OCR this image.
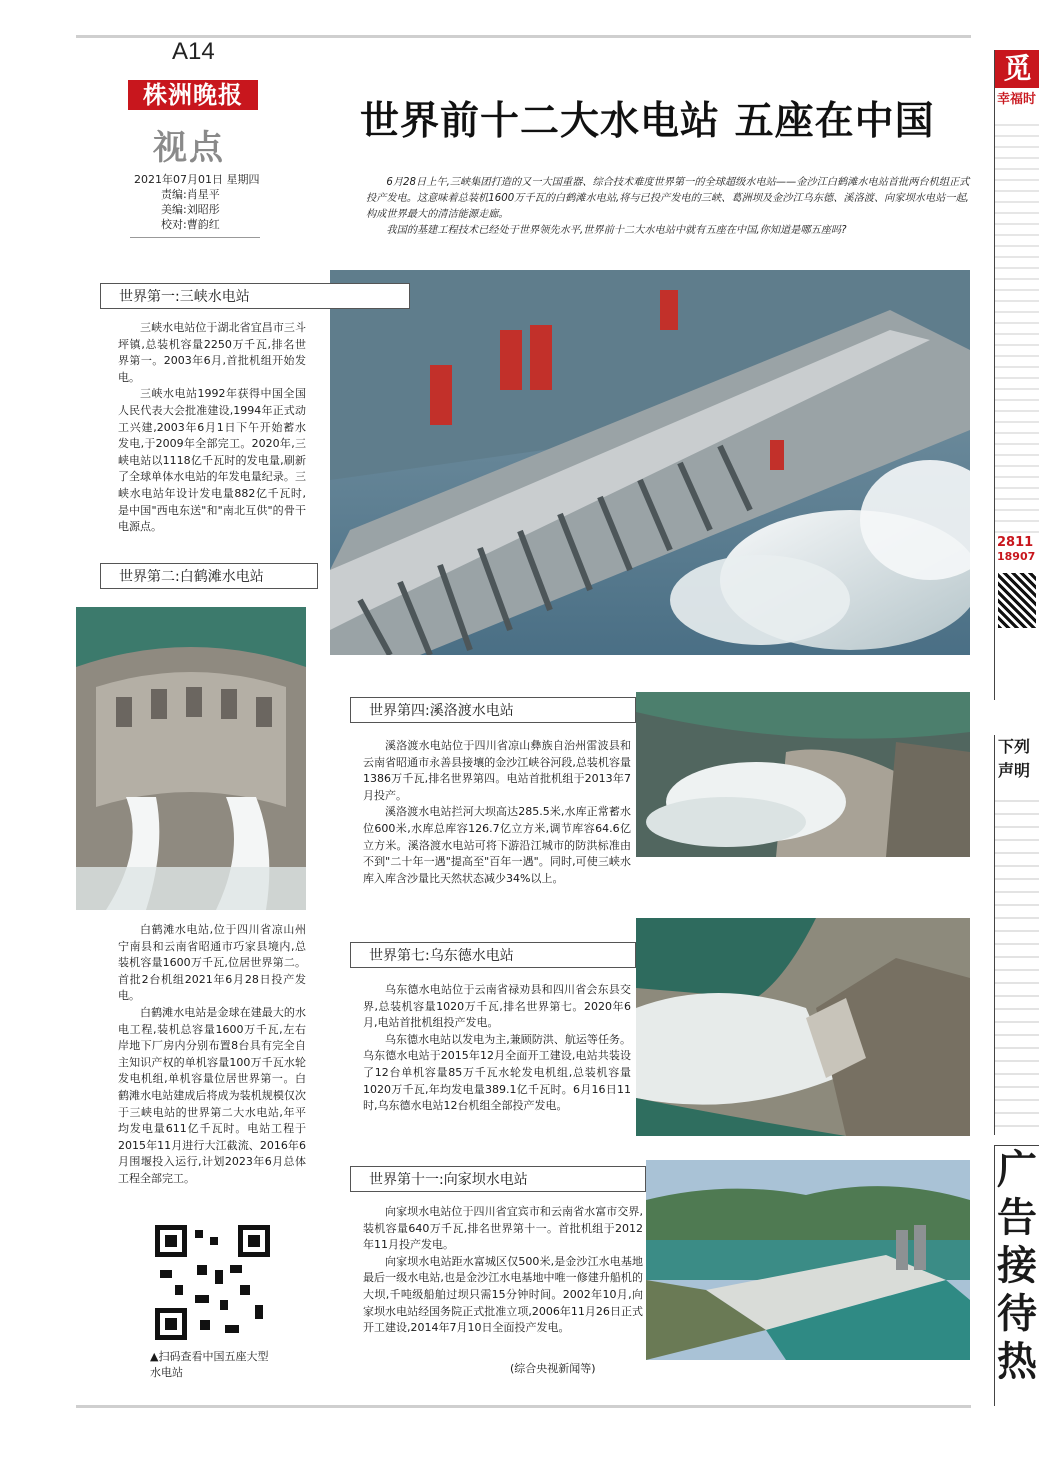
A14
株洲晚报
视点
2021年07月01日 星期四
责编:肖星平
美编:刘昭彤
校对:曹韵红
世界前十二大水电站 五座在中国

6月28日上午,三峡集团打造的又一大国重器、综合技术难度世界第一的全球超级水电站——金沙江白鹤滩水电站首批两台机组正式投产发电。这意味着总装机1600万千瓦的白鹤滩水电站,将与已投产发电的三峡、葛洲坝及金沙江乌东德、溪洛渡、向家坝水电站一起,构成世界最大的清洁能源走廊。

我国的基建工程技术已经处于世界领先水平,世界前十二大水电站中就有五座在中国,你知道是哪五座吗?

世界第一:三峡水电站

三峡水电站位于湖北省宜昌市三斗坪镇,总装机容量2250万千瓦,排名世界第一。2003年6月,首批机组开始发电。

三峡水电站1992年获得中国全国人民代表大会批准建设,1994年正式动工兴建,2003年6月1日下午开始蓄水发电,于2009年全部完工。2020年,三峡电站以1118亿千瓦时的发电量,刷新了全球单体水电站的年发电量纪录。三峡水电站年设计发电量882亿千瓦时,是中国"西电东送"和"南北互供"的骨干电源点。

世界第二:白鹤滩水电站

白鹤滩水电站,位于四川省凉山州宁南县和云南省昭通市巧家县境内,总装机容量1600万千瓦,位居世界第二。首批2台机组2021年6月28日投产发电。

白鹤滩水电站是金球在建最大的水电工程,装机总容量1600万千瓦,左右岸地下厂房内分别布置8台具有完全自主知识产权的单机容量100万千瓦水轮发电机组,单机容量位居世界第一。白鹤滩水电站建成后将成为装机规模仅次于三峡电站的世界第二大水电站,年平均发电量611亿千瓦时。电站工程于2015年11月进行大江截流、2016年6月围堰投入运行,计划2023年6月总体工程全部完工。

▲扫码查看中国五座大型水电站
世界第四:溪洛渡水电站

溪洛渡水电站位于四川省凉山彝族自治州雷波县和云南省昭通市永善县接壤的金沙江峡谷河段,总装机容量1386万千瓦,排名世界第四。电站首批机组于2013年7月投产。

溪洛渡水电站拦河大坝高达285.5米,水库正常蓄水位600米,水库总库容126.7亿立方米,调节库容64.6亿立方米。溪洛渡水电站可将下游沿江城市的防洪标准由不到"二十年一遇"提高至"百年一遇"。同时,可使三峡水库入库含沙量比天然状态减少34%以上。

世界第七:乌东德水电站

乌东德水电站位于云南省禄劝县和四川省会东县交界,总装机容量1020万千瓦,排名世界第七。2020年6月,电站首批机组投产发电。

乌东德水电站以发电为主,兼顾防洪、航运等任务。乌东德水电站于2015年12月全面开工建设,电站共装设了12台单机容量85万千瓦水轮发电机组,总装机容量1020万千瓦,年均发电量389.1亿千瓦时。6月16日11时,乌东德水电站12台机组全部投产发电。

世界第十一:向家坝水电站

向家坝水电站位于四川省宜宾市和云南省水富市交界,装机容量640万千瓦,排名世界第十一。首批机组于2012年11月投产发电。

向家坝水电站距水富城区仅500米,是金沙江水电基地最后一级水电站,也是金沙江水电基地中唯一修建升船机的大坝,千吨级船舶过坝只需15分钟时间。2002年10月,向家坝水电站经国务院正式批准立项,2006年11月26日正式开工建设,2014年7月10日全面投产发电。

(综合央视新闻等)
觅
幸福时
2811
18907
下列
声明
广
告
接
待
热
